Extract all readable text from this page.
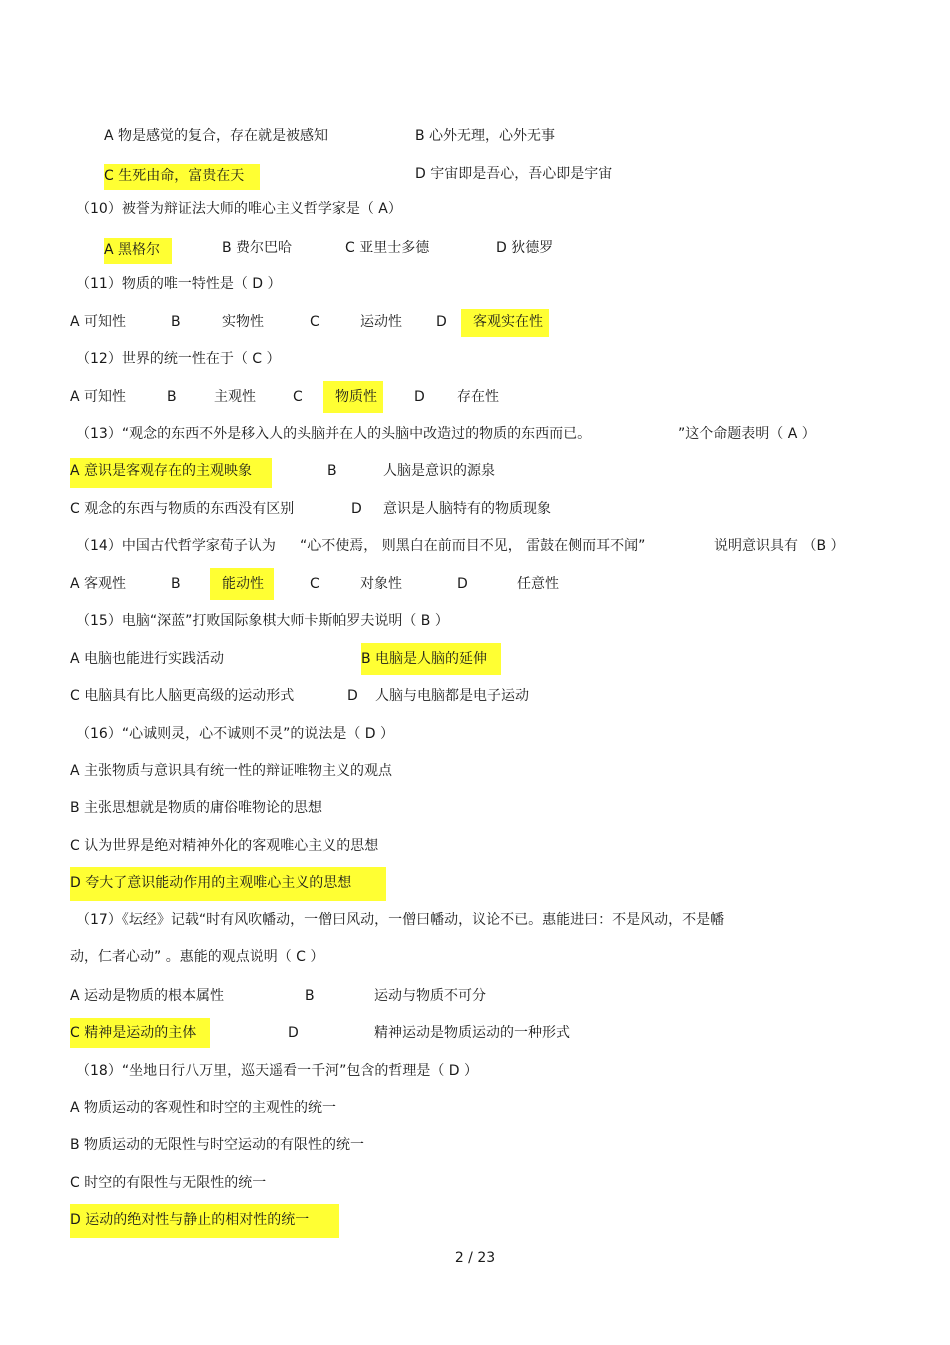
A 物是感觉的复合，存在就是被感知	B 心外无理，心外无事
C 生死由命，富贵在天	D 宇宙即是吾心，吾心即是宇宙
（10）被誉为辩证法大师的唯心主义哲学家是（ A）
A 黑格尔	B 费尔巴哈	C 亚里士多德	D 狄德罗
（11）物质的唯一特性是（ D ）
A 可知性	B	实物性	C	运动性 D	客观实在性
（12）世界的统一性在于（ C ）
A 可知性	B	主观性	C	物质性	D 存在性
（13）“观念的东西不外是移入人的头脑并在人的头脑中改造过的物质的东西而已。	”这个命题表明（ A ）
A 意识是客观存在的主观映象	B	人脑是意识的源泉
C 观念的东西与物质的东西没有区别	D 意识是人脑特有的物质现象
（14）中国古代哲学家荀子认为 “心不使焉， 则黑白在前而目不见， 雷鼓在侧而耳不闻”	说明意识具有 （B ）
A 客观性	B	能动性	C	对象性	D	任意性
（15）电脑“深蓝”打败国际象棋大师卡斯帕罗夫说明（ B ）
A 电脑也能进行实践活动	B 电脑是人脑的延伸
C 电脑具有比人脑更高级的运动形式	D 人脑与电脑都是电子运动
（16）“心诚则灵，心不诚则不灵”的说法是（ D ）
A 主张物质与意识具有统一性的辩证唯物主义的观点
B 主张思想就是物质的庸俗唯物论的思想
C 认为世界是绝对精神外化的客观唯心主义的思想
D 夸大了意识能动作用的主观唯心主义的思想
（17）《坛经》记载“时有风吹幡动，一僧曰风动，一僧曰幡动，议论不已。惠能进曰：不是风动，不是幡
动，仁者心动” 。惠能的观点说明（ C ）
A 运动是物质的根本属性	B	运动与物质不可分
C 精神是运动的主体	D	精神运动是物质运动的一种形式
（18）“坐地日行八万里，巡天遥看一千河”包含的哲理是（ D ）
A 物质运动的客观性和时空的主观性的统一
B 物质运动的无限性与时空运动的有限性的统一
C 时空的有限性与无限性的统一
D 运动的绝对性与静止的相对性的统一
2 / 23
